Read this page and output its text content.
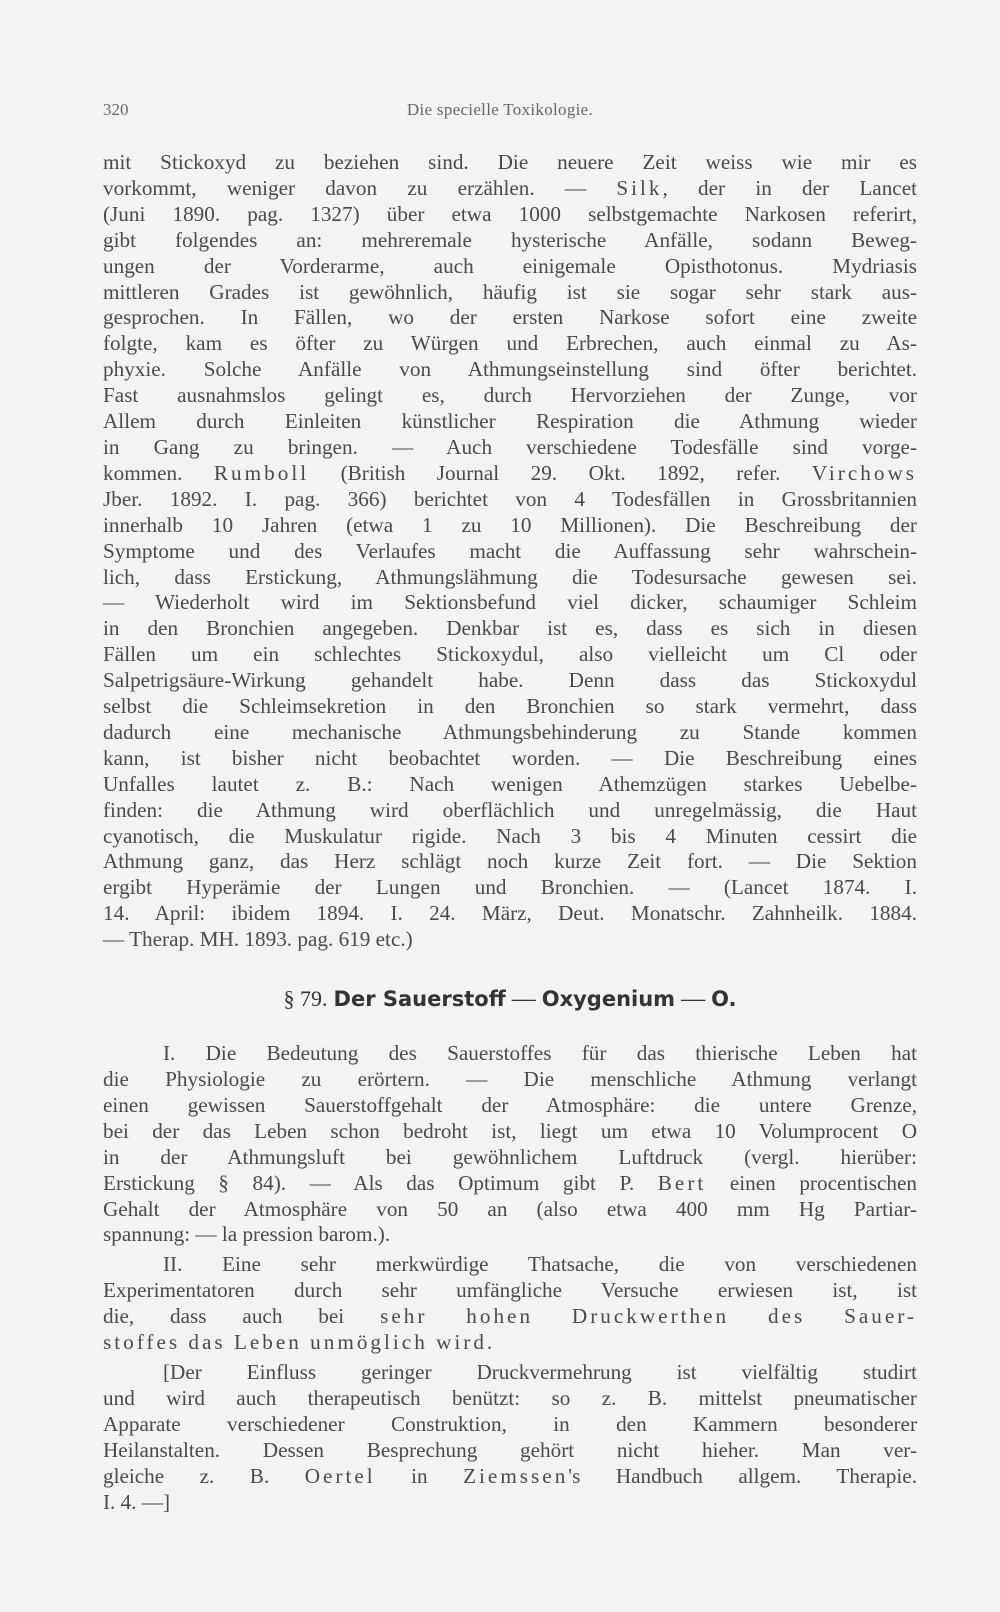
320	Die specielle Toxikologie.

mit Stickoxyd zu beziehen sind. Die neuere Zeit weiss wie mir es
vorkommt, weniger davon zu erzählen. — Silk, der in der Lancet
(Juni 1890. pag. 1327) über etwa 1000 selbstgemachte Narkosen referirt,
gibt folgendes an: mehreremale hysterische Anfälle, sodann Beweg-
ungen der Vorderarme, auch einigemale Opisthotonus. Mydriasis
mittleren Grades ist gewöhnlich, häufig ist sie sogar sehr stark aus-
gesprochen. In Fällen, wo der ersten Narkose sofort eine zweite
folgte, kam es öfter zu Würgen und Erbrechen, auch einmal zu As-
phyxie. Solche Anfälle von Athmungseinstellung sind öfter berichtet.
Fast ausnahmslos gelingt es, durch Hervorziehen der Zunge, vor
Allem durch Einleiten künstlicher Respiration die Athmung wieder
in Gang zu bringen. — Auch verschiedene Todesfälle sind vorge-
kommen. Rumboll (British Journal 29. Okt. 1892, refer. Virchows
Jber. 1892. I. pag. 366) berichtet von 4 Todesfällen in Grossbritannien
innerhalb 10 Jahren (etwa 1 zu 10 Millionen). Die Beschreibung der
Symptome und des Verlaufes macht die Auffassung sehr wahrschein-
lich, dass Erstickung, Athmungslähmung die Todesursache gewesen sei.
— Wiederholt wird im Sektionsbefund viel dicker, schaumiger Schleim
in den Bronchien angegeben. Denkbar ist es, dass es sich in diesen
Fällen um ein schlechtes Stickoxydul, also vielleicht um Cl oder
Salpetrigsäure-Wirkung gehandelt habe. Denn dass das Stickoxydul
selbst die Schleimsekretion in den Bronchien so stark vermehrt, dass
dadurch eine mechanische Athmungsbehinderung zu Stande kommen
kann, ist bisher nicht beobachtet worden. — Die Beschreibung eines
Unfalles lautet z. B.: Nach wenigen Athemzügen starkes Uebelbe-
finden: die Athmung wird oberflächlich und unregelmässig, die Haut
cyanotisch, die Muskulatur rigide. Nach 3 bis 4 Minuten cessirt die
Athmung ganz, das Herz schlägt noch kurze Zeit fort. — Die Sektion
ergibt Hyperämie der Lungen und Bronchien. — (Lancet 1874. I.
14. April: ibidem 1894. I. 24. März, Deut. Monatschr. Zahnheilk. 1884.
— Therap. MH. 1893. pag. 619 etc.)

§ 79. Der Sauerstoff — Oxygenium — O.

I. Die Bedeutung des Sauerstoffes für das thierische Leben hat
die Physiologie zu erörtern. — Die menschliche Athmung verlangt
einen gewissen Sauerstoffgehalt der Atmosphäre: die untere Grenze,
bei der das Leben schon bedroht ist, liegt um etwa 10 Volumprocent O
in der Athmungsluft bei gewöhnlichem Luftdruck (vergl. hierüber:
Erstickung § 84). — Als das Optimum gibt P. Bert einen procentischen
Gehalt der Atmosphäre von 50 an (also etwa 400 mm Hg Partiar-
spannung: — la pression barom.).

II. Eine sehr merkwürdige Thatsache, die von verschiedenen
Experimentatoren durch sehr umfängliche Versuche erwiesen ist, ist
die, dass auch bei sehr hohen Druckwerthen des Sauer-
stoffes das Leben unmöglich wird.

[Der Einfluss geringer Druckvermehrung ist vielfältig studirt
und wird auch therapeutisch benützt: so z. B. mittelst pneumatischer
Apparate verschiedener Construktion, in den Kammern besonderer
Heilanstalten. Dessen Besprechung gehört nicht hieher. Man ver-
gleiche z. B. Oertel in Ziemssen's Handbuch allgem. Therapie.
I. 4. —]
